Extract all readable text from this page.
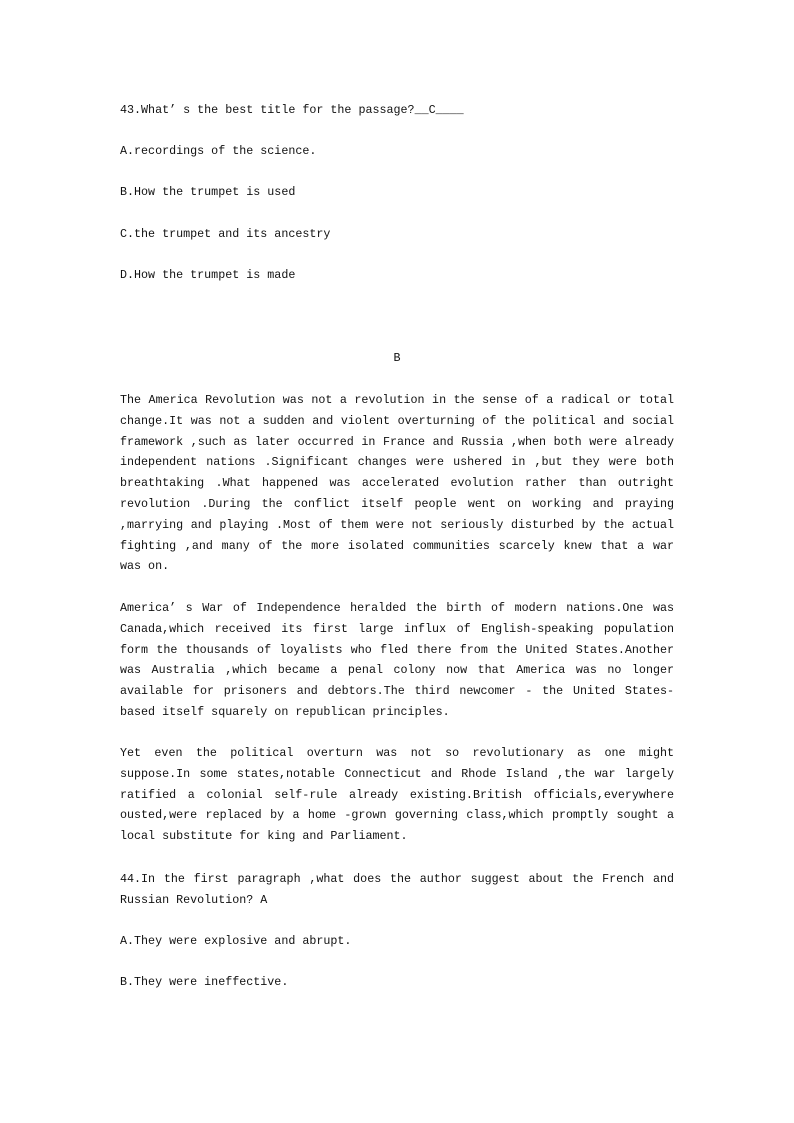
43.What’ s the best title for the passage?__C____
A.recordings of the science.
B.How the trumpet is used
C.the trumpet and its ancestry
D.How the trumpet is made
B
The America Revolution was not a revolution in the sense of a radical or total
change.It was not a sudden and violent overturning of the political and social
framework ,such as later occurred in France and Russia ,when both were already
independent nations .Significant changes were ushered in ,but they were both
breathtaking .What happened was accelerated evolution rather than outright
revolution .During the conflict itself people went on working and praying
,marrying and playing .Most of them were not seriously disturbed by the actual
fighting ,and many of the more isolated communities scarcely knew that a war
was on.
America’ s War of Independence heralded the birth of modern nations.One was
Canada,which received its first large influx of English-speaking population
form the thousands of loyalists who fled there from the United States.Another
was Australia ,which became a penal colony now that America was no longer
available for prisoners and debtors.The third newcomer - the United States-
based itself squarely on republican principles.
Yet even the political overturn was not so revolutionary as one might
suppose.In some states,notable Connecticut and Rhode Island ,the war largely
ratified a colonial self-rule already existing.British officials,everywhere
ousted,were replaced by a home -grown governing class,which promptly sought a
local substitute for king and Parliament.
44.In the first paragraph ,what does the author suggest about the French and
Russian Revolution? A
A.They were explosive and abrupt.
B.They were ineffective.
